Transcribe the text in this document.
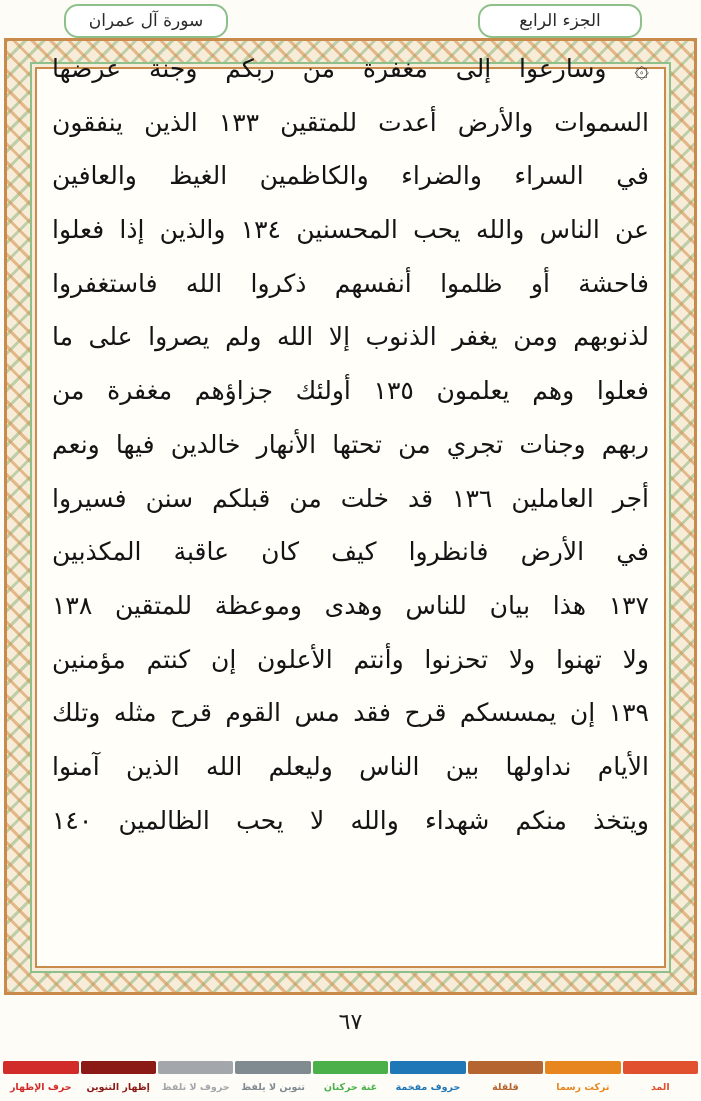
سورة آل عمران	الجزء الرابع
۞ وسارعوا إلى مغفرة من ربكم وجنة عرضها
السموات والأرض أعدت للمتقين ١٣٣ الذين ينفقون
في السراء والضراء والكاظمين الغيظ والعافين
عن الناس والله يحب المحسنين ١٣٤ والذين إذا فعلوا
فاحشة أو ظلموا أنفسهم ذكروا الله فاستغفروا
لذنوبهم ومن يغفر الذنوب إلا الله ولم يصروا على ما
فعلوا وهم يعلمون ١٣٥ أولئك جزاؤهم مغفرة من
ربهم وجنات تجري من تحتها الأنهار خالدين فيها ونعم
أجر العاملين ١٣٦ قد خلت من قبلكم سنن فسيروا
في الأرض فانظروا كيف كان عاقبة المكذبين
١٣٧ هذا بيان للناس وهدى وموعظة للمتقين ١٣٨
ولا تهنوا ولا تحزنوا وأنتم الأعلون إن كنتم مؤمنين
١٣٩ إن يمسسكم قرح فقد مس القوم قرح مثله وتلك
الأيام نداولها بين الناس وليعلم الله الذين آمنوا
ويتخذ منكم شهداء والله لا يحب الظالمين ١٤٠
٦٧
المد
تركت رسما
قلقلة
حروف مفخمة
غنة حركتان
تنوين لا يلفظ
حروف لا تلفظ
إظهار التنوين
حرف الإظهار
